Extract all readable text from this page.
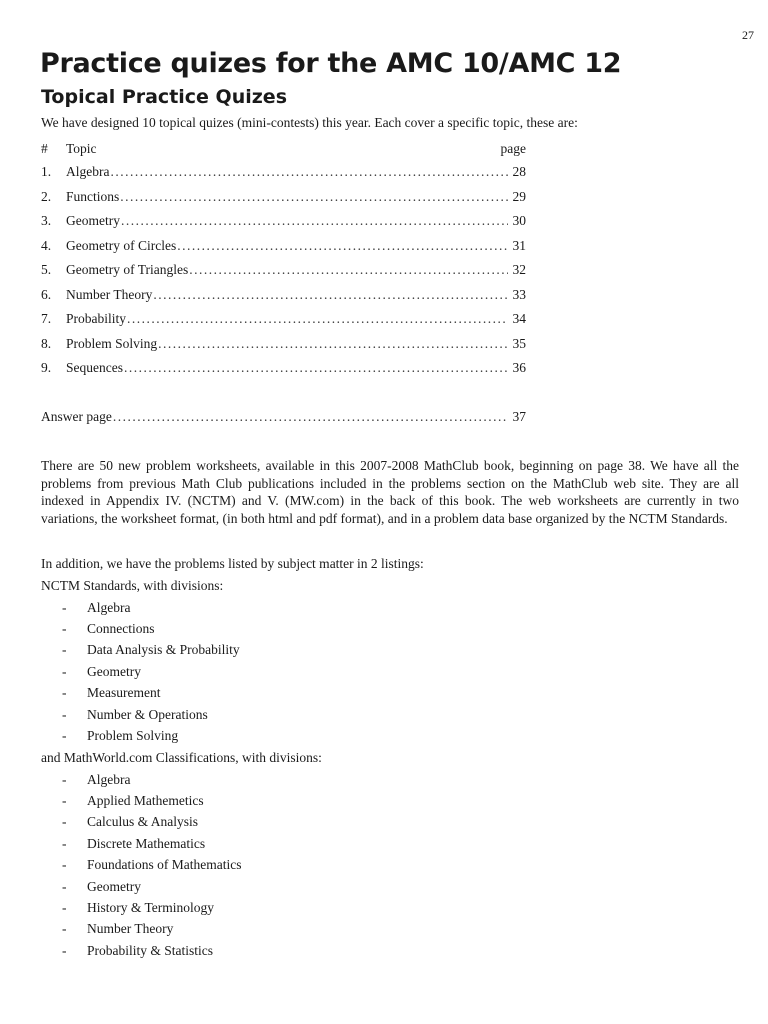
27
Practice quizes for the AMC 10/AMC 12
Topical Practice Quizes

We have designed 10 topical quizes (mini-contests) this year. Each cover a specific topic, these are:

#	Topic	page
1.	Algebra .....	28
2.	Functions .....	29
3.	Geometry .....	30
4.	Geometry of Circles .....	31
5.	Geometry of Triangles .....	32
6.	Number Theory .....	33
7.	Probability .....	34
8.	Problem Solving .....	35
9.	Sequences .....	36
Answer page .....	37

There are 50 new problem worksheets, available in this 2007-2008 MathClub book, beginning on page 38. We have all the problems from previous Math Club publications included in the problems section on the MathClub web site. They are all indexed in Appendix IV. (NCTM) and V. (MW.com) in the back of this book. The web worksheets are currently in two variations, the worksheet format, (in both html and pdf format), and in a problem data base organized by the NCTM Standards.

In addition, we have the problems listed by subject matter in 2 listings:
NCTM Standards, with divisions:
-	Algebra
-	Connections
-	Data Analysis & Probability
-	Geometry
-	Measurement
-	Number & Operations
-	Problem Solving
and MathWorld.com Classifications, with divisions:
-	Algebra
-	Applied Mathemetics
-	Calculus & Analysis
-	Discrete Mathematics
-	Foundations of Mathematics
-	Geometry
-	History & Terminology
-	Number Theory
-	Probability & Statistics
